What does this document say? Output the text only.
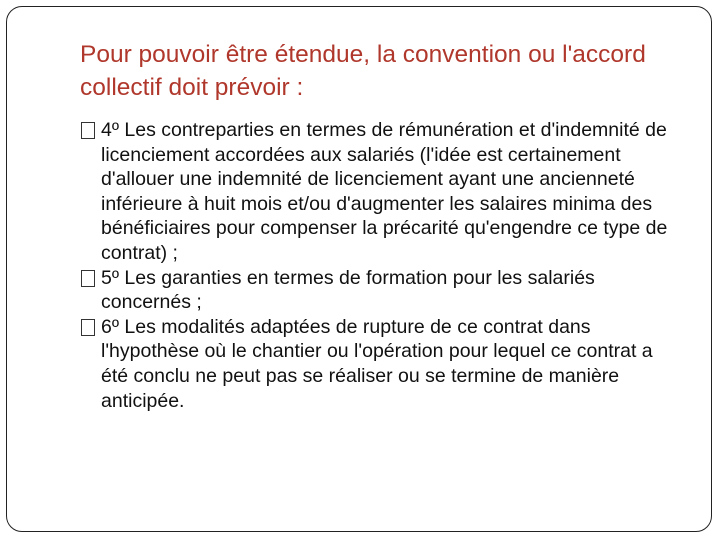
Pour pouvoir être étendue, la convention ou l'accord collectif doit prévoir :
4º Les contreparties en termes de rémunération et d'indemnité de licenciement accordées aux salariés (l'idée est certainement d'allouer une indemnité de licenciement ayant une ancienneté inférieure à huit mois et/ou d'augmenter les salaires minima des bénéficiaires pour compenser la précarité qu'engendre ce type de contrat) ;
5º Les garanties en termes de formation pour les salariés concernés ;
6º Les modalités adaptées de rupture de ce contrat dans l'hypothèse où le chantier ou l'opération pour lequel ce contrat a été conclu ne peut pas se réaliser ou se termine de manière anticipée.
